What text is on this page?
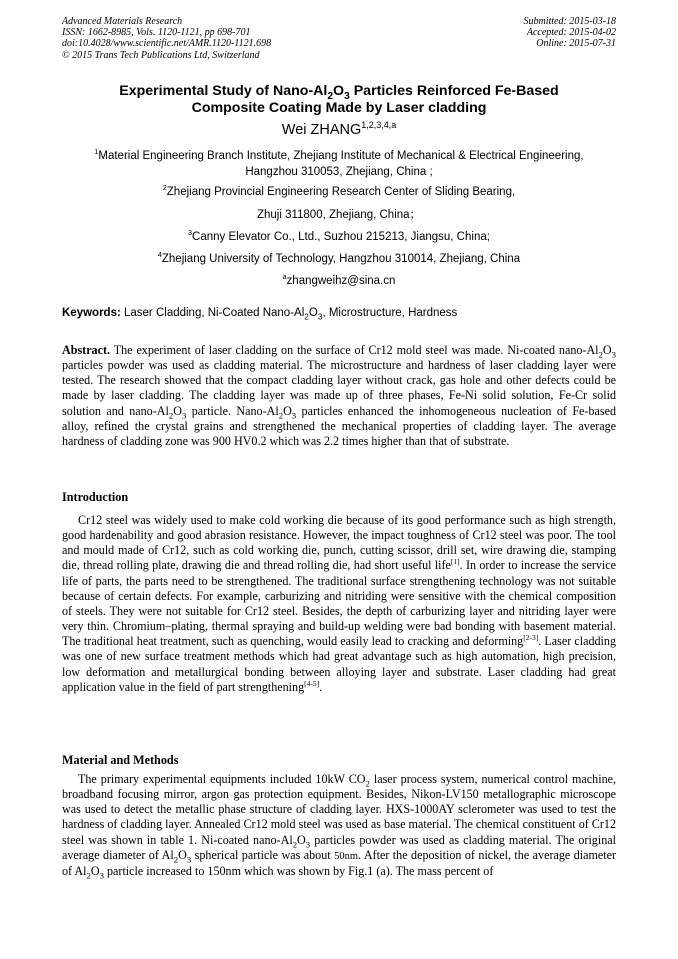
Advanced Materials Research
ISSN: 1662-8985, Vols. 1120-1121, pp 698-701
doi:10.4028/www.scientific.net/AMR.1120-1121.698
© 2015 Trans Tech Publications Ltd, Switzerland
Submitted: 2015-03-18
Accepted: 2015-04-02
Online: 2015-07-31
Experimental Study of Nano-$Al_2O_3$ Particles Reinforced Fe-Based
Composite Coating Made by Laser cladding
Wei ZHANG$^{1,2,3,4,a}$
$^1$Material Engineering Branch Institute, Zhejiang Institute of Mechanical & Electrical Engineering,
Hangzhou 310053, Zhejiang, China ;
$^2$Zhejiang Provincial Engineering Research Center of Sliding Bearing,
Zhuji 311800, Zhejiang, China；
$^3$Canny Elevator Co., Ltd., Suzhou 215213, Jiangsu, China;
$^4$Zhejiang University of Technology, Hangzhou 310014, Zhejiang, China
$^a$zhangweihz@sina.cn
Keywords: Laser Cladding, Ni-Coated Nano-$Al_2O_3$, Microstructure, Hardness
Abstract. The experiment of laser cladding on the surface of Cr12 mold steel was made. Ni-coated nano-$Al_2O_3$ particles powder was used as cladding material. The microstructure and hardness of laser cladding layer were tested. The research showed that the compact cladding layer without crack, gas hole and other defects could be made by laser cladding. The cladding layer was made up of three phases, Fe-Ni solid solution, Fe-Cr solid solution and nano-$Al_2O_3$ particle. Nano-$Al_2O_3$ particles enhanced the inhomogeneous nucleation of Fe-based alloy, refined the crystal grains and strengthened the mechanical properties of cladding layer. The average hardness of cladding zone was 900 HV0.2 which was 2.2 times higher than that of substrate.
Introduction
Cr12 steel was widely used to make cold working die because of its good performance such as high strength, good hardenability and good abrasion resistance. However, the impact toughness of Cr12 steel was poor. The tool and mould made of Cr12, such as cold working die, punch, cutting scissor, drill set, wire drawing die, stamping die, thread rolling plate, drawing die and thread rolling die, had short useful life[1]. In order to increase the service life of parts, the parts need to be strengthened. The traditional surface strengthening technology was not suitable because of certain defects. For example, carburizing and nitriding were sensitive with the chemical composition of steels. They were not suitable for Cr12 steel. Besides, the depth of carburizing layer and nitriding layer were very thin. Chromium–plating, thermal spraying and build-up welding were bad bonding with basement material. The traditional heat treatment, such as quenching, would easily lead to cracking and deforming[2-3]. Laser cladding was one of new surface treatment methods which had great advantage such as high automation, high precision, low deformation and metallurgical bonding between alloying layer and substrate. Laser cladding had great application value in the field of part strengthening[4-5].
Material and Methods
The primary experimental equipments included 10kW $CO_2$ laser process system, numerical control machine, broadband focusing mirror, argon gas protection equipment. Besides, Nikon-LV150 metallographic microscope was used to detect the metallic phase structure of cladding layer. HXS-1000AY sclerometer was used to test the hardness of cladding layer. Annealed Cr12 mold steel was used as base material. The chemical constituent of Cr12 steel was shown in table 1. Ni-coated nano-$Al_2O_3$ particles powder was used as cladding material. The original average diameter of $Al_2O_3$ spherical particle was about 50nm. After the deposition of nickel, the average diameter of $Al_2O_3$ particle increased to 150nm which was shown by Fig.1 (a). The mass percent of
